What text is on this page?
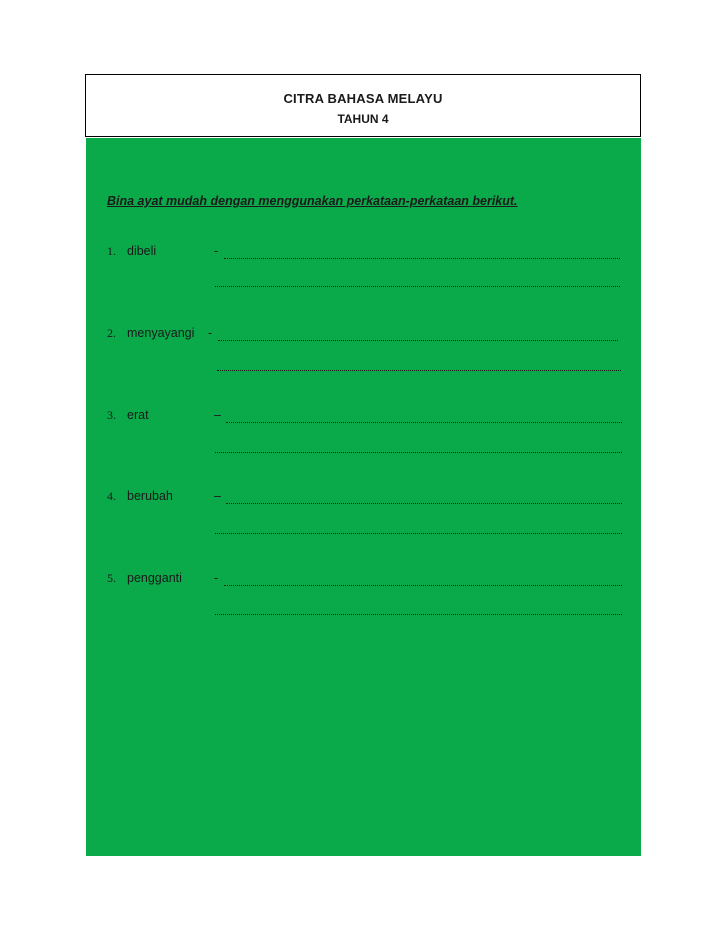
CITRA BAHASA MELAYU
TAHUN 4
Bina ayat mudah dengan menggunakan perkataan-perkataan berikut.
1. dibeli	-
2. menyayangi -
3. erat	–
4. berubah	–
5. pengganti	-
